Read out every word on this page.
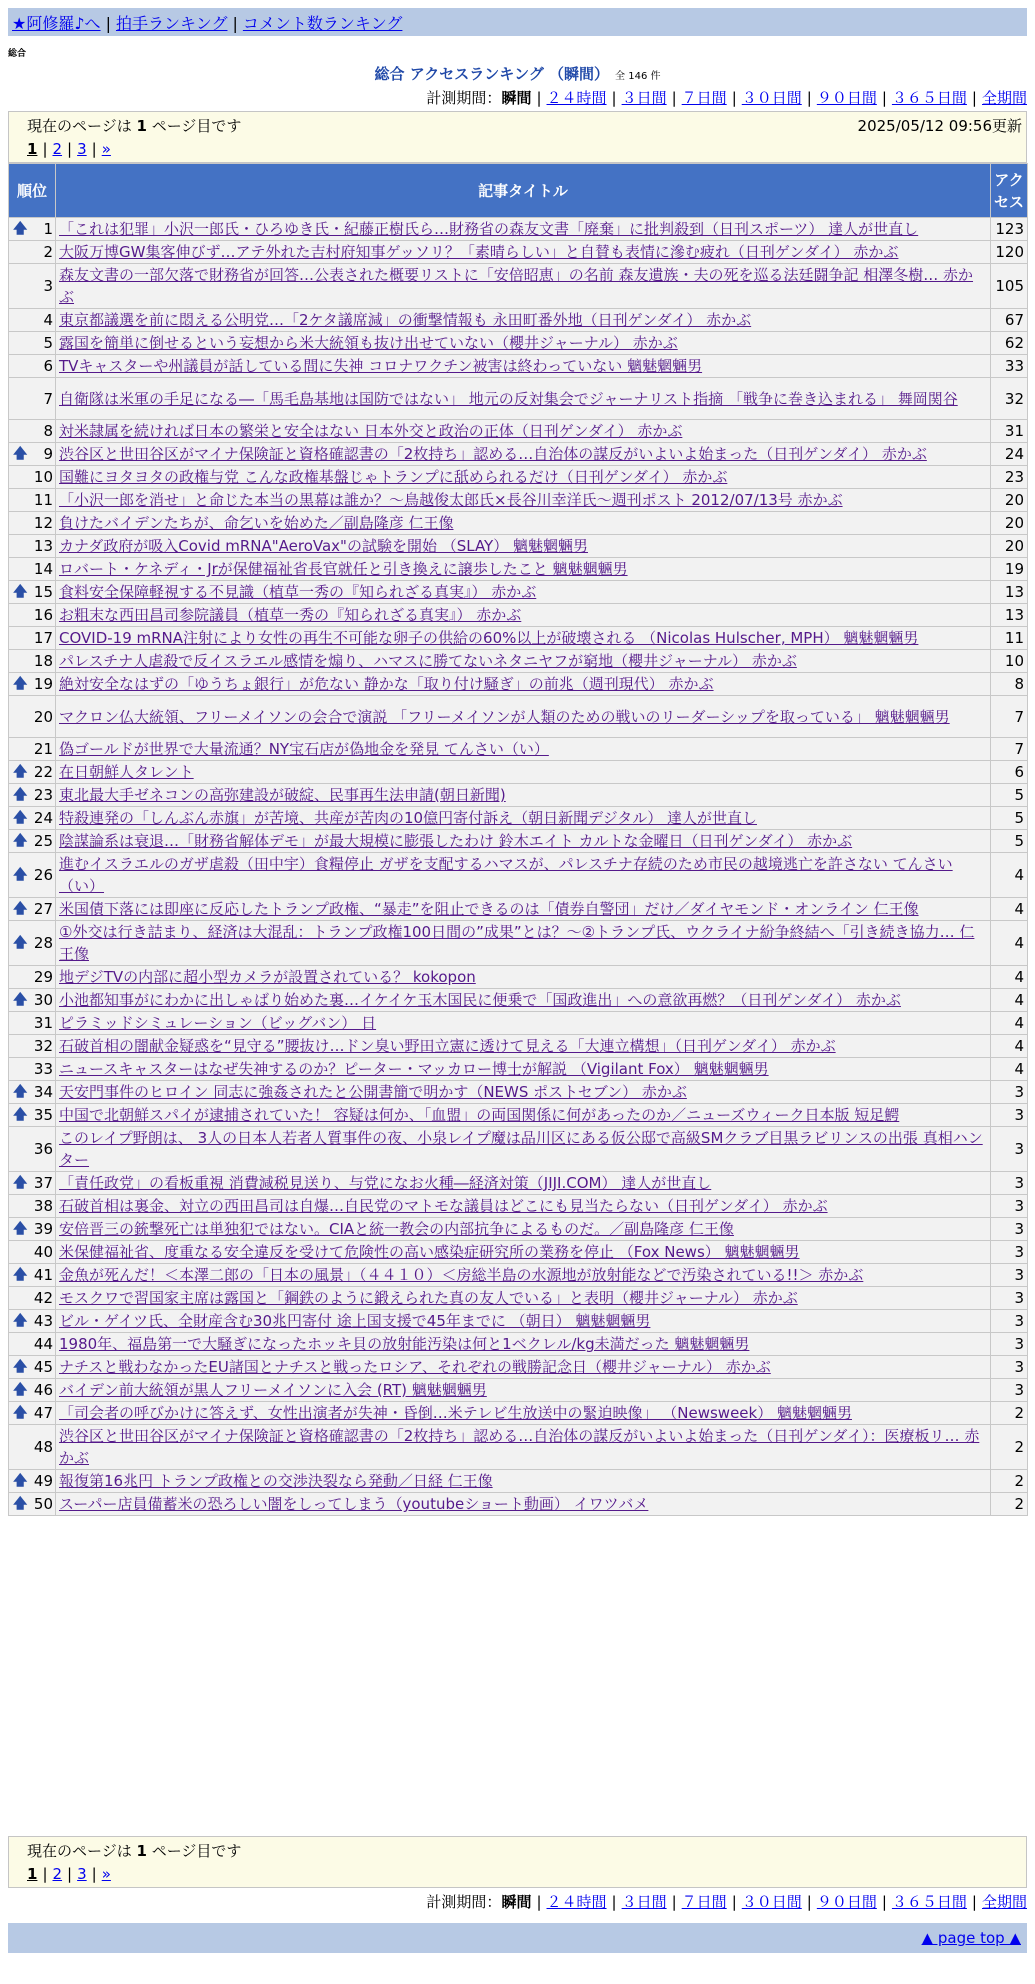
★阿修羅♪へ | 拍手ランキング | コメント数ランキング
総合
総合 アクセスランキング （瞬間） 全 146 件
計測期間：瞬間 | ２４時間 | ３日間 | ７日間 | ３０日間 | ９０日間 | ３６５日間 | 全期間
現在のページは 1 ページ目です	2025/05/12 09:56更新
1 | 2 | 3 | »
順位	記事タイトル	アクセス

🡅 1	「これは犯罪」小沢一郎氏・ひろゆき氏・紀藤正樹氏ら…財務省の森友文書「廃棄」に批判殺到（日刊スポーツ） 達人が世直し	123
2	大阪万博GW集客伸びず…アテ外れた吉村府知事ゲッソリ？「素晴らしい」と自賛も表情に滲む疲れ（日刊ゲンダイ） 赤かぶ	120
3	森友文書の一部欠落で財務省が回答…公表された概要リストに「安倍昭恵」の名前 森友遺族・夫の死を巡る法廷闘争記 相澤冬樹… 赤かぶ	105
4	東京都議選を前に悶える公明党…「2ケタ議席減」の衝撃情報も 永田町番外地（日刊ゲンダイ） 赤かぶ	67
5	露国を簡単に倒せるという妄想から米大統領も抜け出せていない（櫻井ジャーナル） 赤かぶ	62
6	TVキャスターや州議員が話している間に失神 コロナワクチン被害は終わっていない 魑魅魍魎男	33
7	自衛隊は米軍の手足になる―「馬毛島基地は国防ではない」 地元の反対集会でジャーナリスト指摘 「戦争に巻き込まれる」 舞岡関谷	32
8	対米隷属を続ければ日本の繁栄と安全はない 日本外交と政治の正体（日刊ゲンダイ） 赤かぶ	31

🡅 9	渋谷区と世田谷区がマイナ保険証と資格確認書の「2枚持ち」認める…自治体の謀反がいよいよ始まった（日刊ゲンダイ） 赤かぶ	24
10	国難にヨタヨタの政権与党 こんな政権基盤じゃトランプに舐められるだけ（日刊ゲンダイ） 赤かぶ	23
11	「小沢一郎を消せ」と命じた本当の黒幕は誰か？～鳥越俊太郎氏×長谷川幸洋氏～週刊ポスト 2012/07/13号 赤かぶ	20
12	負けたバイデンたちが、命乞いを始めた／副島隆彦 仁王像	20
13	カナダ政府が吸入Covid mRNA"AeroVax"の試験を開始 （SLAY） 魑魅魍魎男	20
14	ロバート・ケネディ・Jrが保健福祉省長官就任と引き換えに譲歩したこと 魑魅魍魎男	19

🡅 15	食料安全保障軽視する不見識（植草一秀の『知られざる真実』） 赤かぶ	13
16	お粗末な西田昌司参院議員（植草一秀の『知られざる真実』） 赤かぶ	13
17	COVID-19 mRNA注射により女性の再生不可能な卵子の供給の60%以上が破壊される （Nicolas Hulscher, MPH） 魑魅魍魎男	11
18	パレスチナ人虐殺で反イスラエル感情を煽り、ハマスに勝てないネタニヤフが窮地（櫻井ジャーナル） 赤かぶ	10

🡅 19	絶対安全なはずの「ゆうちょ銀行」が危ない 静かな「取り付け騒ぎ」の前兆（週刊現代） 赤かぶ	8
20	マクロン仏大統領、フリーメイソンの会合で演説 「フリーメイソンが人類のための戦いのリーダーシップを取っている」 魑魅魍魎男	7
21	偽ゴールドが世界で大量流通？NY宝石店が偽地金を発見 てんさい（い）	7

🡅 22	在日朝鮮人タレント	6

🡅 23	東北最大手ゼネコンの高弥建設が破綻、民事再生法申請(朝日新聞)	5

🡅 24	特殺連発の「しんぶん赤旗」が苦境、共産が苦肉の10億円寄付訴え（朝日新聞デジタル） 達人が世直し	5

🡅 25	陰謀論系は衰退…「財務省解体デモ」が最大規模に膨張したわけ 鈴木エイト カルトな金曜日（日刊ゲンダイ） 赤かぶ	5

🡅 26	進むイスラエルのガザ虐殺（田中宇）食糧停止 ガザを支配するハマスが、パレスチナ存続のため市民の越境逃亡を許さない てんさい（い）	4

🡅 27	米国債下落には即座に反応したトランプ政権、“暴走”を阻止できるのは「債券自警団」だけ／ダイヤモンド・オンライン 仁王像	4

🡅 28	①外交は行き詰まり、経済は大混乱：トランプ政権100日間の”成果”とは？～②トランプ氏、ウクライナ紛争終結へ「引き続き協力… 仁王像	4
29	地デジTVの内部に超小型カメラが設置されている？ kokopon	4

🡅 30	小池都知事がにわかに出しゃばり始めた裏…イケイケ玉木国民に便乗で「国政進出」への意欲再燃？（日刊ゲンダイ） 赤かぶ	4
31	ピラミッドシミュレーション（ビッグバン） 日	4
32	石破首相の闇献金疑惑を“見守る”腰抜け…ドン臭い野田立憲に透けて見える「大連立構想」（日刊ゲンダイ） 赤かぶ	4
33	ニュースキャスターはなぜ失神するのか？ピーター・マッカロー博士が解説 （Vigilant Fox） 魑魅魍魎男	4

🡅 34	天安門事件のヒロイン 同志に強姦されたと公開書簡で明かす（NEWS ポストセブン） 赤かぶ	3

🡅 35	中国で北朝鮮スパイが逮捕されていた！ 容疑は何か、「血盟」の両国関係に何があったのか／ニューズウィーク日本版 短足鰐	3
36	このレイプ野朗は、 3人の日本人若者人質事件の夜、小泉レイプ魔は品川区にある仮公邸で高級SMクラブ目黒ラビリンスの出張 真相ハンター	3

🡅 37	「責任政党」の看板重視 消費減税見送り、与党になお火種―経済対策（JIJI.COM） 達人が世直し	3
38	石破首相は裏金、対立の西田昌司は自爆…自民党のマトモな議員はどこにも見当たらない（日刊ゲンダイ） 赤かぶ	3

🡅 39	安倍晋三の銃撃死亡は単独犯ではない。CIAと統一教会の内部抗争によるものだ。／副島隆彦 仁王像	3
40	米保健福祉省、度重なる安全違反を受けて危険性の高い感染症研究所の業務を停止 （Fox News） 魑魅魍魎男	3

🡅 41	金魚が死んだ！＜本澤二郎の「日本の風景」（４４１０）＜房総半島の水源地が放射能などで汚染されている!!＞ 赤かぶ	3
42	モスクワで習国家主席は露国と「鋼鉄のように鍛えられた真の友人でいる」と表明（櫻井ジャーナル） 赤かぶ	3

🡅 43	ビル・ゲイツ氏、全財産含む30兆円寄付 途上国支援で45年までに （朝日） 魑魅魍魎男	3
44	1980年、福島第一で大騒ぎになったホッキ貝の放射能汚染は何と1ベクレル/kg未満だった 魑魅魍魎男	3

🡅 45	ナチスと戦わなかったEU諸国とナチスと戦ったロシア、それぞれの戦勝記念日（櫻井ジャーナル） 赤かぶ	3

🡅 46	バイデン前大統領が黒人フリーメイソンに入会 (RT) 魑魅魍魎男	3

🡅 47	「司会者の呼びかけに答えず、女性出演者が失神・昏倒…米テレビ生放送中の緊迫映像」 （Newsweek） 魑魅魍魎男	2
48	渋谷区と世田谷区がマイナ保険証と資格確認書の「2枚持ち」認める…自治体の謀反がいよいよ始まった（日刊ゲンダイ）：医療板リ… 赤かぶ	2

🡅 49	報復第16兆円 トランプ政権との交渉決裂なら発動／日経 仁王像	2

🡅 50	スーパー店員備蓄米の恐ろしい闇をしってしまう（youtubeショート動画） イワツバメ	2
現在のページは 1 ページ目です
1 | 2 | 3 | »
計測期間：瞬間 | ２４時間 | ３日間 | ７日間 | ３０日間 | ９０日間 | ３６５日間 | 全期間
▲ page top ▲
